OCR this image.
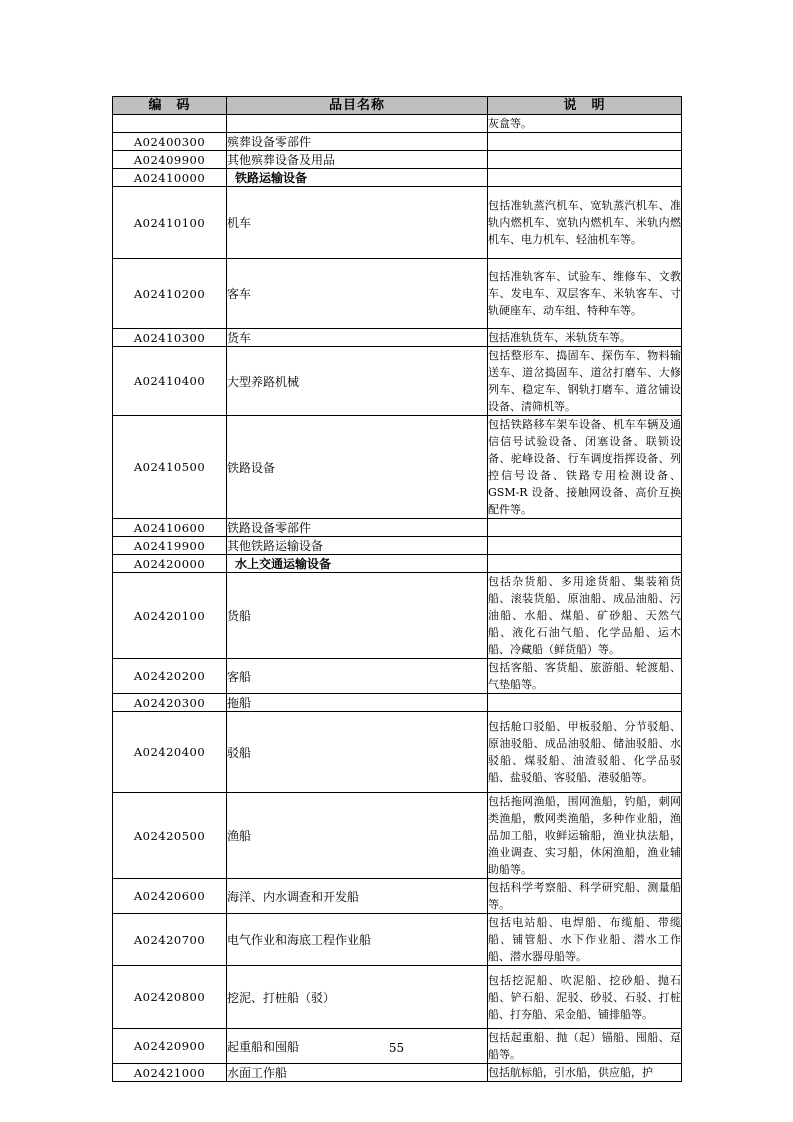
编　码	品目名称	说　明
		灰盒等。
A02400300	殡葬设备零部件	
A02409900	其他殡葬设备及用品	
A02410000	铁路运输设备	
A02410100	机车	包括准轨蒸汽机车、宽轨蒸汽机车、准轨内燃机车、宽轨内燃机车、米轨内燃机车、电力机车、轻油机车等。
A02410200	客车	包括准轨客车、试验车、维修车、文教车、发电车、双层客车、米轨客车、寸轨硬座车、动车组、特种车等。
A02410300	货车	包括准轨货车、米轨货车等。
A02410400	大型养路机械	包括整形车、捣固车、探伤车、物料输送车、道岔捣固车、道岔打磨车、大修列车、稳定车、钢轨打磨车、道岔铺设设备、清筛机等。
A02410500	铁路设备	包括铁路移车架车设备、机车车辆及通信信号试验设备、闭塞设备、联锁设备、驼峰设备、行车调度指挥设备、列控信号设备、铁路专用检测设备、GSM-R 设备、接触网设备、高价互换配件等。
A02410600	铁路设备零部件	
A02419900	其他铁路运输设备	
A02420000	水上交通运输设备	
A02420100	货船	包括杂货船、多用途货船、集装箱货船、滚装货船、原油船、成品油船、污油船、水船、煤船、矿砂船、天然气船、液化石油气船、化学品船、运木船、冷藏船（鲜货船）等。
A02420200	客船	包括客船、客货船、旅游船、轮渡船、气垫船等。
A02420300	拖船	
A02420400	驳船	包括舱口驳船、甲板驳船、分节驳船、原油驳船、成品油驳船、储油驳船、水驳船、煤驳船、油渣驳船、化学品驳船、盐驳船、客驳船、港驳船等。
A02420500	渔船	包括拖网渔船，围网渔船，钓船，刺网类渔船，敷网类渔船，多种作业船，渔品加工船，收鲜运输船，渔业执法船，渔业调查、实习船，休闲渔船，渔业辅助船等。
A02420600	海洋、内水调查和开发船	包括科学考察船、科学研究船、测量船等。
A02420700	电气作业和海底工程作业船	包括电站船、电焊船、布缆船、带缆船、铺管船、水下作业船、潜水工作船、潜水器母船等。
A02420800	挖泥、打桩船（驳）	包括挖泥船、吹泥船、挖砂船、抛石船、铲石船、泥驳、砂驳、石驳、打桩船、打夯船、采金船、铺排船等。
A02420900	起重船和囤船	包括起重船、抛（起）锚船、囤船、趸船等。
A02421000	水面工作船	包括航标船，引水船，供应船，护
55
